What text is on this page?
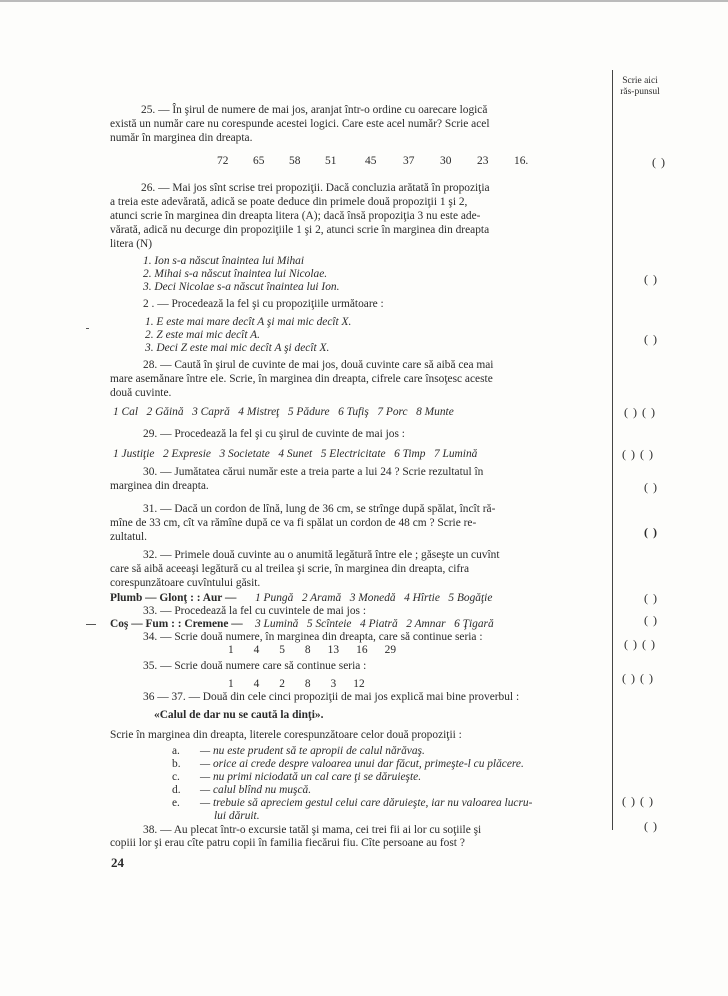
Scrie aici răs-punsul
25. — În şirul de numere de mai jos, aranjat într-o ordine cu oarecare logică
există un număr care nu corespunde acestei logici. Care este acel număr? Scrie acel
număr în marginea din dreapta.
72 65 58 51	45 37 30 23 16.	( )
26. — Mai jos sînt scrise trei propoziţii. Dacă concluzia arătată în propoziţia
a treia este adevărată, adică se poate deduce din primele două propoziţii 1 şi 2,
atunci scrie în marginea din dreapta litera (A); dacă însă propoziţia 3 nu este ade-
vărată, adică nu decurge din propoziţiile 1 şi 2, atunci scrie în marginea din dreapta
litera (N)
1. Ion s-a născut înaintea lui Mihai
2. Mihai s-a născut înaintea lui Nicolae.
3. Deci Nicolae s-a născut înaintea lui Ion.
( )
2 . — Procedează la fel şi cu propoziţiile următoare :
1. E este mai mare decît A şi mai mic decît X.
2. Z este mai mic decît A.
3. Deci Z este mai mic decît A şi decît X.
( )
28. — Caută în şirul de cuvinte de mai jos, două cuvinte care să aibă cea mai
mare asemănare între ele. Scrie, în marginea din dreapta, cifrele care însoţesc aceste
două cuvinte.
1 Cal   2 Găină   3 Capră   4 Mistreţ   5 Pădure   6 Tufiş   7 Porc   8 Munte	( ) ( )
29. — Procedează la fel şi cu şirul de cuvinte de mai jos :
1 Justiţie   2 Expresie   3 Societate   4 Sunet   5 Electricitate   6 Timp   7 Lumină	( ) ( )
30. — Jumătatea cărui număr este a treia parte a lui 24 ? Scrie rezultatul în
marginea din dreapta.	( )
31. — Dacă un cordon de lînă, lung de 36 cm, se strînge după spălat, încît ră-
mîne de 33 cm, cît va rămîne după ce va fi spălat un cordon de 48 cm ? Scrie re-
zultatul.	( )
32. — Primele două cuvinte au o anumită legătură între ele ; găseşte un cuvînt
care să aibă aceeaşi legătură cu al treilea şi scrie, în marginea din dreapta, cifra
corespunzătoare cuvîntului găsit.
Plumb — Glonţ : : Aur — 1 Pungă   2 Aramă   3 Monedă   4 Hîrtie   5 Bogăţie	( )
33. — Procedează la fel cu cuvintele de mai jos :
Coş — Fum : : Cremene — 3 Lumină   5 Scînteie   4 Piatră   2 Amnar   6 Ţigară	( )
34. — Scrie două numere, în marginea din dreapta, care să continue seria :
1       4       5       8      13      16      29	( ) ( )
35. — Scrie două numere care să continue seria :
1       4       2       8       3      12	( ) ( )
36 — 37. — Două din cele cinci propoziţii de mai jos explică mai bine proverbul :
«Calul de dar nu se caută la dinţi».
Scrie în marginea din dreapta, literele corespunzătoare celor două propoziţii :
a. — nu este prudent să te apropii de calul nărăvaş.
b. — orice ai crede despre valoarea unui dar făcut, primeşte-l cu plăcere.
c. — nu primi niciodată un cal care ţi se dăruieşte.
d. — calul blînd nu muşcă.
e. — trebuie să apreciem gestul celui care dăruieşte, iar nu valoarea lucru-
lui dăruit.
( ) ( )
38. — Au plecat într-o excursie tatăl şi mama, cei trei fii ai lor cu soţiile şi
copiii lor şi erau cîte patru copii în familia fiecărui fiu. Cîte persoane au fost ?
( )
24
